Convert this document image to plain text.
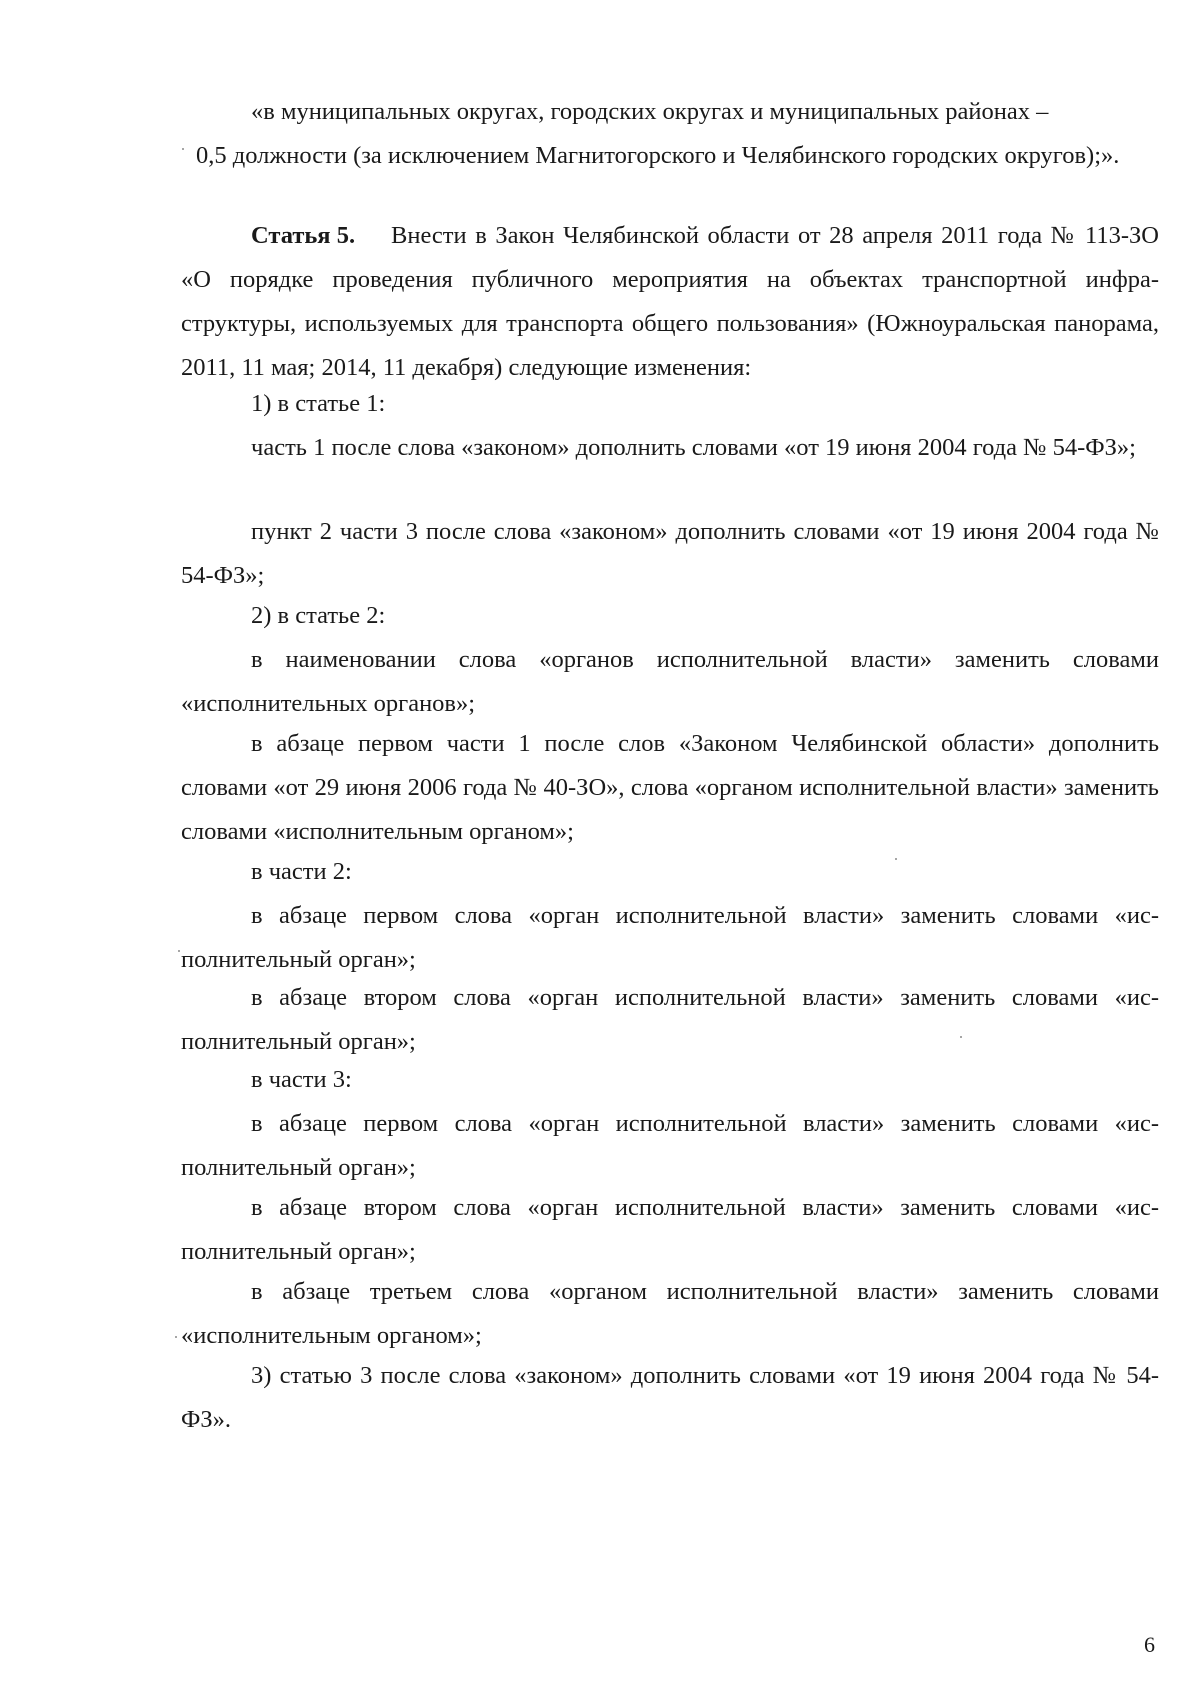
«в муниципальных округах, городских округах и муниципальных районах –

0,5 должности (за исключением Магнитогорского и Челябинского городских округов);».

Статья 5. Внести в Закон Челябинской области от 28 апреля 2011 года № 113-ЗО «О порядке проведения публичного мероприятия на объектах транспортной инфраструктуры, используемых для транспорта общего пользования» (Южноуральская панорама, 2011, 11 мая; 2014, 11 декабря) следующие изменения:

1) в статье 1:

часть 1 после слова «законом» дополнить словами «от 19 июня 2004 года № 54-ФЗ»;

пункт 2 части 3 после слова «законом» дополнить словами «от 19 июня 2004 года № 54-ФЗ»;

2) в статье 2:

в наименовании слова «органов исполнительной власти» заменить словами «исполнительных органов»;

в абзаце первом части 1 после слов «Законом Челябинской области» дополнить словами «от 29 июня 2006 года № 40-ЗО», слова «органом исполнительной власти» заменить словами «исполнительным органом»;

в части 2:

в абзаце первом слова «орган исполнительной власти» заменить словами «исполнительный орган»;

в абзаце втором слова «орган исполнительной власти» заменить словами «исполнительный орган»;

в части 3:

в абзаце первом слова «орган исполнительной власти» заменить словами «исполнительный орган»;

в абзаце втором слова «орган исполнительной власти» заменить словами «исполнительный орган»;

в абзаце третьем слова «органом исполнительной власти» заменить словами «исполнительным органом»;

3) статью 3 после слова «законом» дополнить словами «от 19 июня 2004 года № 54-ФЗ».

6
